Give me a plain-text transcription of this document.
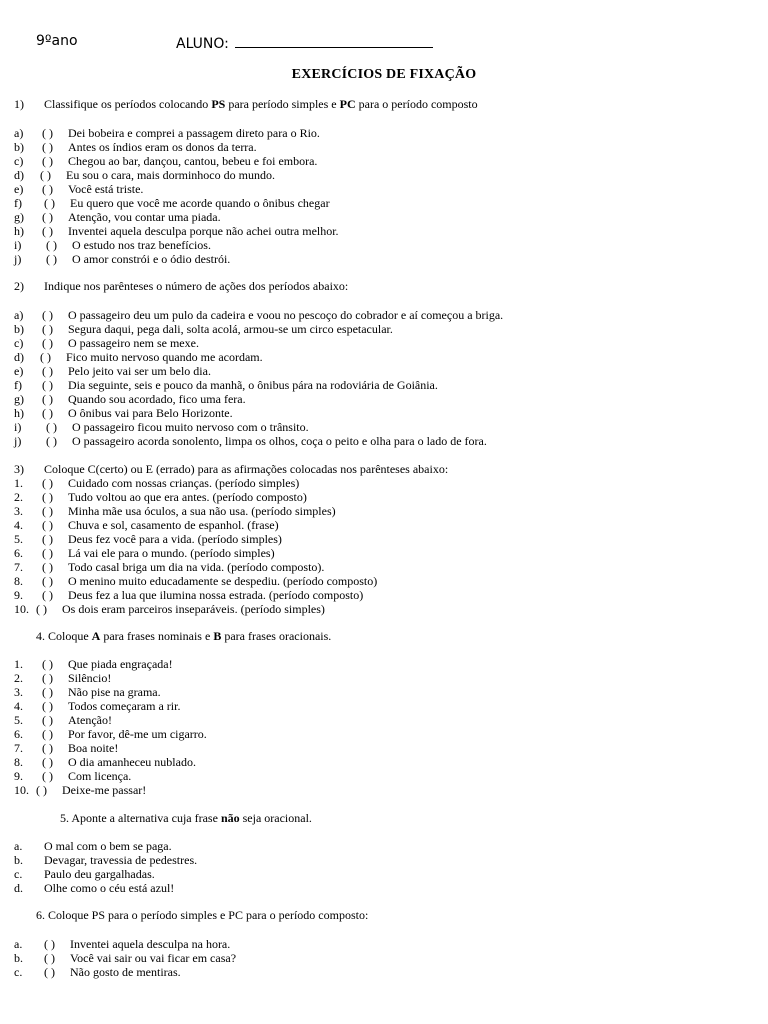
9ºano	ALUNO:
EXERCÍCIOS DE FIXAÇÃO
1) Classifique os períodos colocando PS para período simples e PC para o período composto
a) ( ) Dei bobeira e comprei a passagem direto para o Rio.
b) ( ) Antes os índios eram os donos da terra.
c) ( ) Chegou ao bar, dançou, cantou, bebeu e foi embora.
d) ( ) Eu sou o cara, mais dorminhoco do mundo.
e) ( ) Você está triste.
f) ( ) Eu quero que você me acorde quando o ônibus chegar
g) ( ) Atenção, vou contar uma piada.
h) ( ) Inventei aquela desculpa porque não achei outra melhor.
i) ( ) O estudo nos traz benefícios.
j) ( ) O amor constrói e o ódio destrói.
2) Indique nos parênteses o número de ações dos períodos abaixo:
a) ( ) O passageiro deu um pulo da cadeira e voou no pescoço do cobrador e aí começou a briga.
b) ( ) Segura daqui, pega dali, solta acolá, armou-se um circo espetacular.
c) ( ) O passageiro nem se mexe.
d) ( ) Fico muito nervoso quando me acordam.
e) ( ) Pelo jeito vai ser um belo dia.
f) ( ) Dia seguinte, seis e pouco da manhã, o ônibus pára na rodoviária de Goiânia.
g) ( ) Quando sou acordado, fico uma fera.
h) ( ) O ônibus vai para Belo Horizonte.
i) ( ) O passageiro ficou muito nervoso com o trânsito.
j) ( ) O passageiro acorda sonolento, limpa os olhos, coça o peito e olha para o lado de fora.
3) Coloque C(certo) ou E (errado) para as afirmações colocadas nos parênteses abaixo:
1. ( ) Cuidado com nossas crianças. (período simples)
2. ( ) Tudo voltou ao que era antes. (período composto)
3. ( ) Minha mãe usa óculos, a sua não usa. (período simples)
4. ( ) Chuva e sol, casamento de espanhol. (frase)
5. ( ) Deus fez você para a vida. (período simples)
6. ( ) Lá vai ele para o mundo. (período simples)
7. ( ) Todo casal briga um dia na vida. (período composto).
8. ( ) O menino muito educadamente se despediu. (período composto)
9. ( ) Deus fez a lua que ilumina nossa estrada. (período composto)
10. ( ) Os dois eram parceiros inseparáveis. (período simples)
4. Coloque A para frases nominais e B para frases oracionais.
1. ( ) Que piada engraçada!
2. ( ) Silêncio!
3. ( ) Não pise na grama.
4. ( ) Todos começaram a rir.
5. ( ) Atenção!
6. ( ) Por favor, dê-me um cigarro.
7. ( ) Boa noite!
8. ( ) O dia amanheceu nublado.
9. ( ) Com licença.
10. ( ) Deixe-me passar!
5. Aponte a alternativa cuja frase não seja oracional.
a. O mal com o bem se paga.
b. Devagar, travessia de pedestres.
c. Paulo deu gargalhadas.
d. Olhe como o céu está azul!
6. Coloque PS para o período simples e PC para o período composto:
a. ( ) Inventei aquela desculpa na hora.
b. ( ) Você vai sair ou vai ficar em casa?
c. ( ) Não gosto de mentiras.
